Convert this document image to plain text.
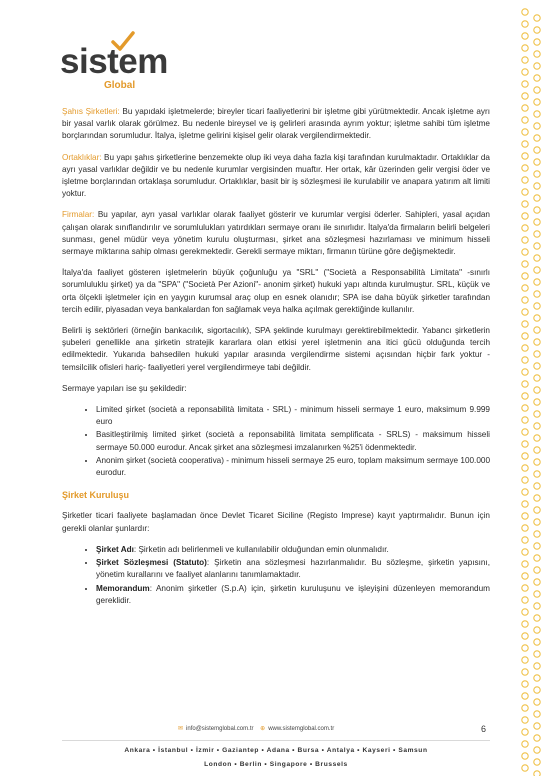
sistem
Global

Şahıs Şirketleri: Bu yapıdaki işletmelerde; bireyler ticari faaliyetlerini bir işletme gibi yürütmektedir. Ancak işletme ayrı bir yasal varlık olarak görülmez. Bu nedenle bireysel ve iş gelirleri arasında ayrım yoktur; işletme sahibi tüm işletme borçlarından sorumludur. İtalya, işletme gelirini kişisel gelir olarak vergilendirmektedir.

Ortaklıklar: Bu yapı şahıs şirketlerine benzemekte olup iki veya daha fazla kişi tarafından kurulmaktadır. Ortaklıklar da ayrı yasal varlıklar değildir ve bu nedenle kurumlar vergisinden muaftır. Her ortak, kâr üzerinden gelir vergisi öder ve işletme borçlarından ortaklaşa sorumludur. Ortaklıklar, basit bir iş sözleşmesi ile kurulabilir ve anapara yatırım alt limiti yoktur.

Firmalar: Bu yapılar, ayrı yasal varlıklar olarak faaliyet gösterir ve kurumlar vergisi öderler. Sahipleri, yasal açıdan çalışan olarak sınıflandırılır ve sorumlulukları yatırdıkları sermaye oranı ile sınırlıdır. İtalya'da firmaların belirli belgeleri sunması, genel müdür veya yönetim kurulu oluşturması, şirket ana sözleşmesi hazırlaması ve minimum hisseli sermaye miktarına sahip olması gerekmektedir. Gerekli sermaye miktarı, firmanın türüne göre değişmektedir.

İtalya'da faaliyet gösteren işletmelerin büyük çoğunluğu ya "SRL" ("Società a Responsabilità Limitata" -sınırlı sorumluluklu şirket) ya da "SPA" ("Società Per Azioni"- anonim şirket) hukuki yapı altında kurulmuştur. SRL, küçük ve orta ölçekli işletmeler için en yaygın kurumsal araç olup en esnek olanıdır; SPA ise daha büyük şirketler tarafından tercih edilir, piyasadan veya bankalardan fon sağlamak veya halka açılmak gerektiğinde kullanılır.

Belirli iş sektörleri (örneğin bankacılık, sigortacılık), SPA şeklinde kurulmayı gerektirebilmektedir. Yabancı şirketlerin şubeleri genellikle ana şirketin stratejik kararlara olan etkisi yerel işletmenin ana itici gücü olduğunda tercih edilmektedir. Yukarıda bahsedilen hukuki yapılar arasında vergilendirme sistemi açısından hiçbir fark yoktur - temsilcilik ofisleri hariç- faaliyetleri yerel vergilendirmeye tabi değildir.

Sermaye yapıları ise şu şekildedir:

• Limited şirket (società a reponsabilità limitata - SRL) - minimum hisseli sermaye 1 euro, maksimum 9.999 euro
• Basitleştirilmiş limited şirket (società a reponsabilità limitata semplificata - SRLS) - maksimum hisseli sermaye 50.000 eurodur. Ancak şirket ana sözleşmesi imzalanırken %25'i ödenmektedir.
• Anonim şirket (società cooperativa) - minimum hisseli sermaye 25 euro, toplam maksimum sermaye 100.000 eurodur.
Şirket Kuruluşu

Şirketler ticari faaliyete başlamadan önce Devlet Ticaret Siciline (Registo Imprese) kayıt yaptırmalıdır. Bunun için gerekli olanlar şunlardır:

• Şirket Adı: Şirketin adı belirlenmeli ve kullanılabilir olduğundan emin olunmalıdır.
• Şirket Sözleşmesi (Statuto): Şirketin ana sözleşmesi hazırlanmalıdır. Bu sözleşme, şirketin yapısını, yönetim kurallarını ve faaliyet alanlarını tanımlamaktadır.
• Memorandum: Anonim şirketler (S.p.A) için, şirketin kuruluşunu ve işleyişini düzenleyen memorandum gereklidir.
✉ info@sistemglobal.com.tr ⊕ www.sistemglobal.com.tr	6
Ankara • İstanbul • İzmir • Gaziantep • Adana • Bursa • Antalya • Kayseri • Samsun
London • Berlin • Singapore • Brussels
